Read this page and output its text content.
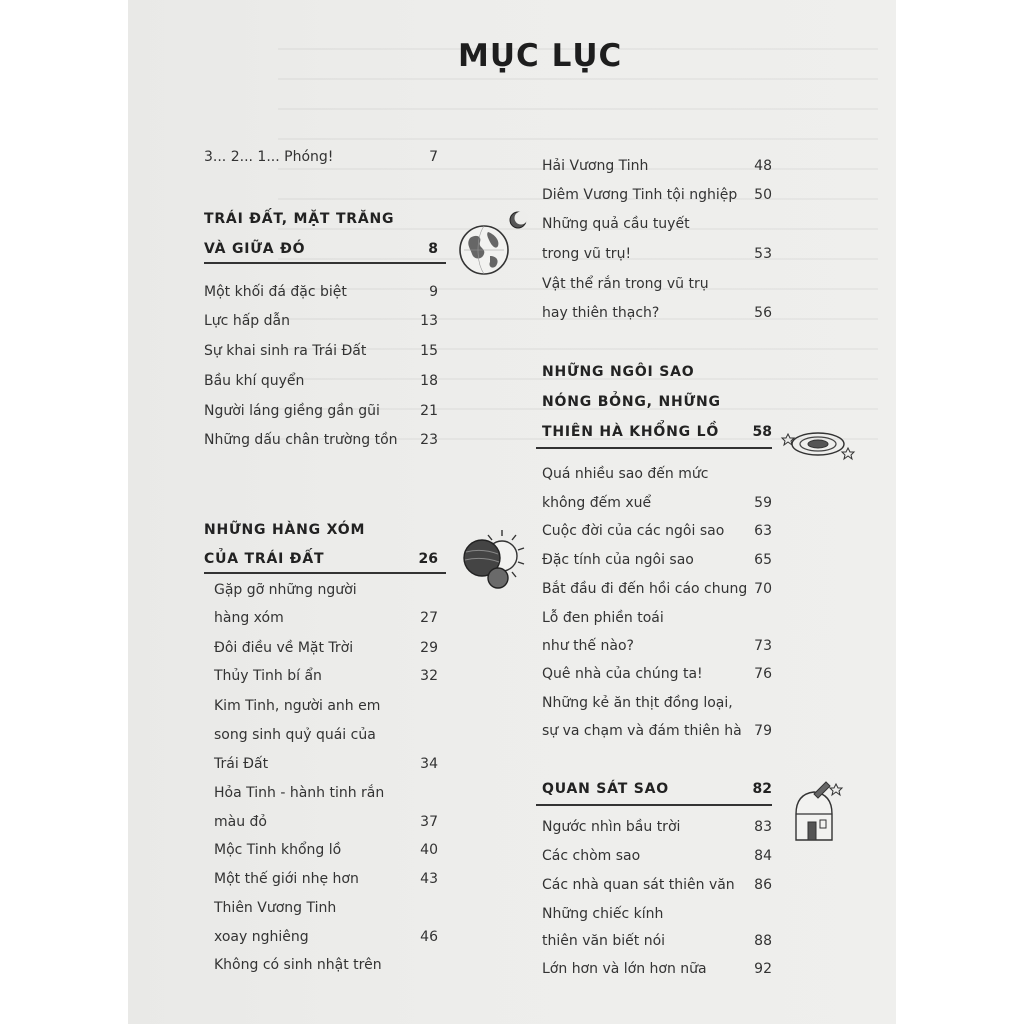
MỤC LỤC
3... 2... 1... Phóng!	7
TRÁI ĐẤT, MẶT TRĂNG
VÀ GIỮA ĐÓ	8
Một khối đá đặc biệt	9
Lực hấp dẫn	13
Sự khai sinh ra Trái Đất	15
Bầu khí quyển	18
Người láng giềng gần gũi	21
Những dấu chân trường tồn	23
NHỮNG HÀNG XÓM
CỦA TRÁI ĐẤT	26
Gặp gỡ những người
hàng xóm	27
Đôi điều về Mặt Trời	29
Thủy Tinh bí ẩn	32
Kim Tinh, người anh em
song sinh quỷ quái của
Trái Đất	34
Hỏa Tinh - hành tinh rắn
màu đỏ	37
Mộc Tinh khổng lồ	40
Một thế giới nhẹ hơn	43
Thiên Vương Tinh
xoay nghiêng	46
Không có sinh nhật trên
Hải Vương Tinh	48
Diêm Vương Tinh tội nghiệp	50
Những quả cầu tuyết
trong vũ trụ!	53
Vật thể rắn trong vũ trụ
hay thiên thạch?	56
NHỮNG NGÔI SAO
NÓNG BỎNG, NHỮNG
THIÊN HÀ KHỔNG LỒ	58
Quá nhiều sao đến mức
không đếm xuể	59
Cuộc đời của các ngôi sao	63
Đặc tính của ngôi sao	65
Bắt đầu đi đến hồi cáo chung 70
Lỗ đen phiền toái
như thế nào?	73
Quê nhà của chúng ta!	76
Những kẻ ăn thịt đồng loại,
sự va chạm và đám thiên hà 79
QUAN SÁT SAO	82
Ngước nhìn bầu trời	83
Các chòm sao	84
Các nhà quan sát thiên văn	86
Những chiếc kính
thiên văn biết nói	88
Lớn hơn và lớn hơn nữa	92
